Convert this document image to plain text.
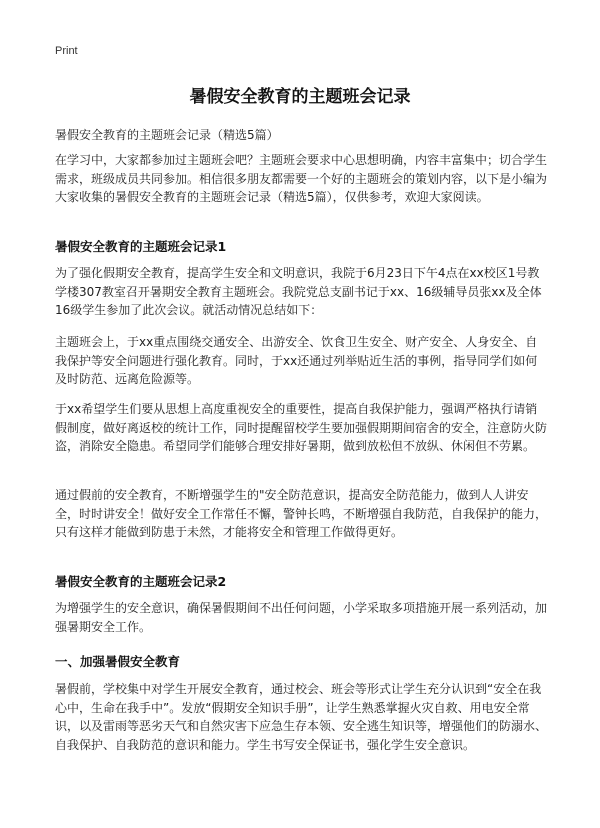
Print
暑假安全教育的主题班会记录
暑假安全教育的主题班会记录（精选5篇）

在学习中，大家都参加过主题班会吧？主题班会要求中心思想明确，内容丰富集中；切合学生需求，班级成员共同参加。相信很多朋友都需要一个好的主题班会的策划内容，以下是小编为大家收集的暑假安全教育的主题班会记录（精选5篇），仅供参考，欢迎大家阅读。

暑假安全教育的主题班会记录1

为了强化假期安全教育，提高学生安全和文明意识，我院于6月23日下午4点在xx校区1号教学楼307教室召开暑期安全教育主题班会。我院党总支副书记于xx、16级辅导员张xx及全体16级学生参加了此次会议。就活动情况总结如下：

主题班会上，于xx重点围绕交通安全、出游安全、饮食卫生安全、财产安全、人身安全、自我保护等安全问题进行强化教育。同时，于xx还通过列举贴近生活的事例，指导同学们如何及时防范、远离危险源等。

于xx希望学生们要从思想上高度重视安全的重要性，提高自我保护能力，强调严格执行请销假制度，做好离返校的统计工作，同时提醒留校学生要加强假期期间宿舍的安全，注意防火防盗，消除安全隐患。希望同学们能够合理安排好暑期，做到放松但不放纵、休闲但不劳累。

通过假前的安全教育，不断增强学生的"安全防范意识，提高安全防范能力，做到人人讲安全，时时讲安全！做好安全工作常任不懈，警钟长鸣，不断增强自我防范，自我保护的能力，只有这样才能做到防患于未然，才能将安全和管理工作做得更好。

暑假安全教育的主题班会记录2

为增强学生的安全意识，确保暑假期间不出任何问题，小学采取多项措施开展一系列活动，加强暑期安全工作。

一、加强暑假安全教育

暑假前，学校集中对学生开展安全教育，通过校会、班会等形式让学生充分认识到“安全在我心中，生命在我手中”。发放“假期安全知识手册”，让学生熟悉掌握火灾自救、用电安全常识，以及雷雨等恶劣天气和自然灾害下应急生存本领、安全逃生知识等，增强他们的防溺水、自我保护、自我防范的意识和能力。学生书写安全保证书，强化学生安全意识。
